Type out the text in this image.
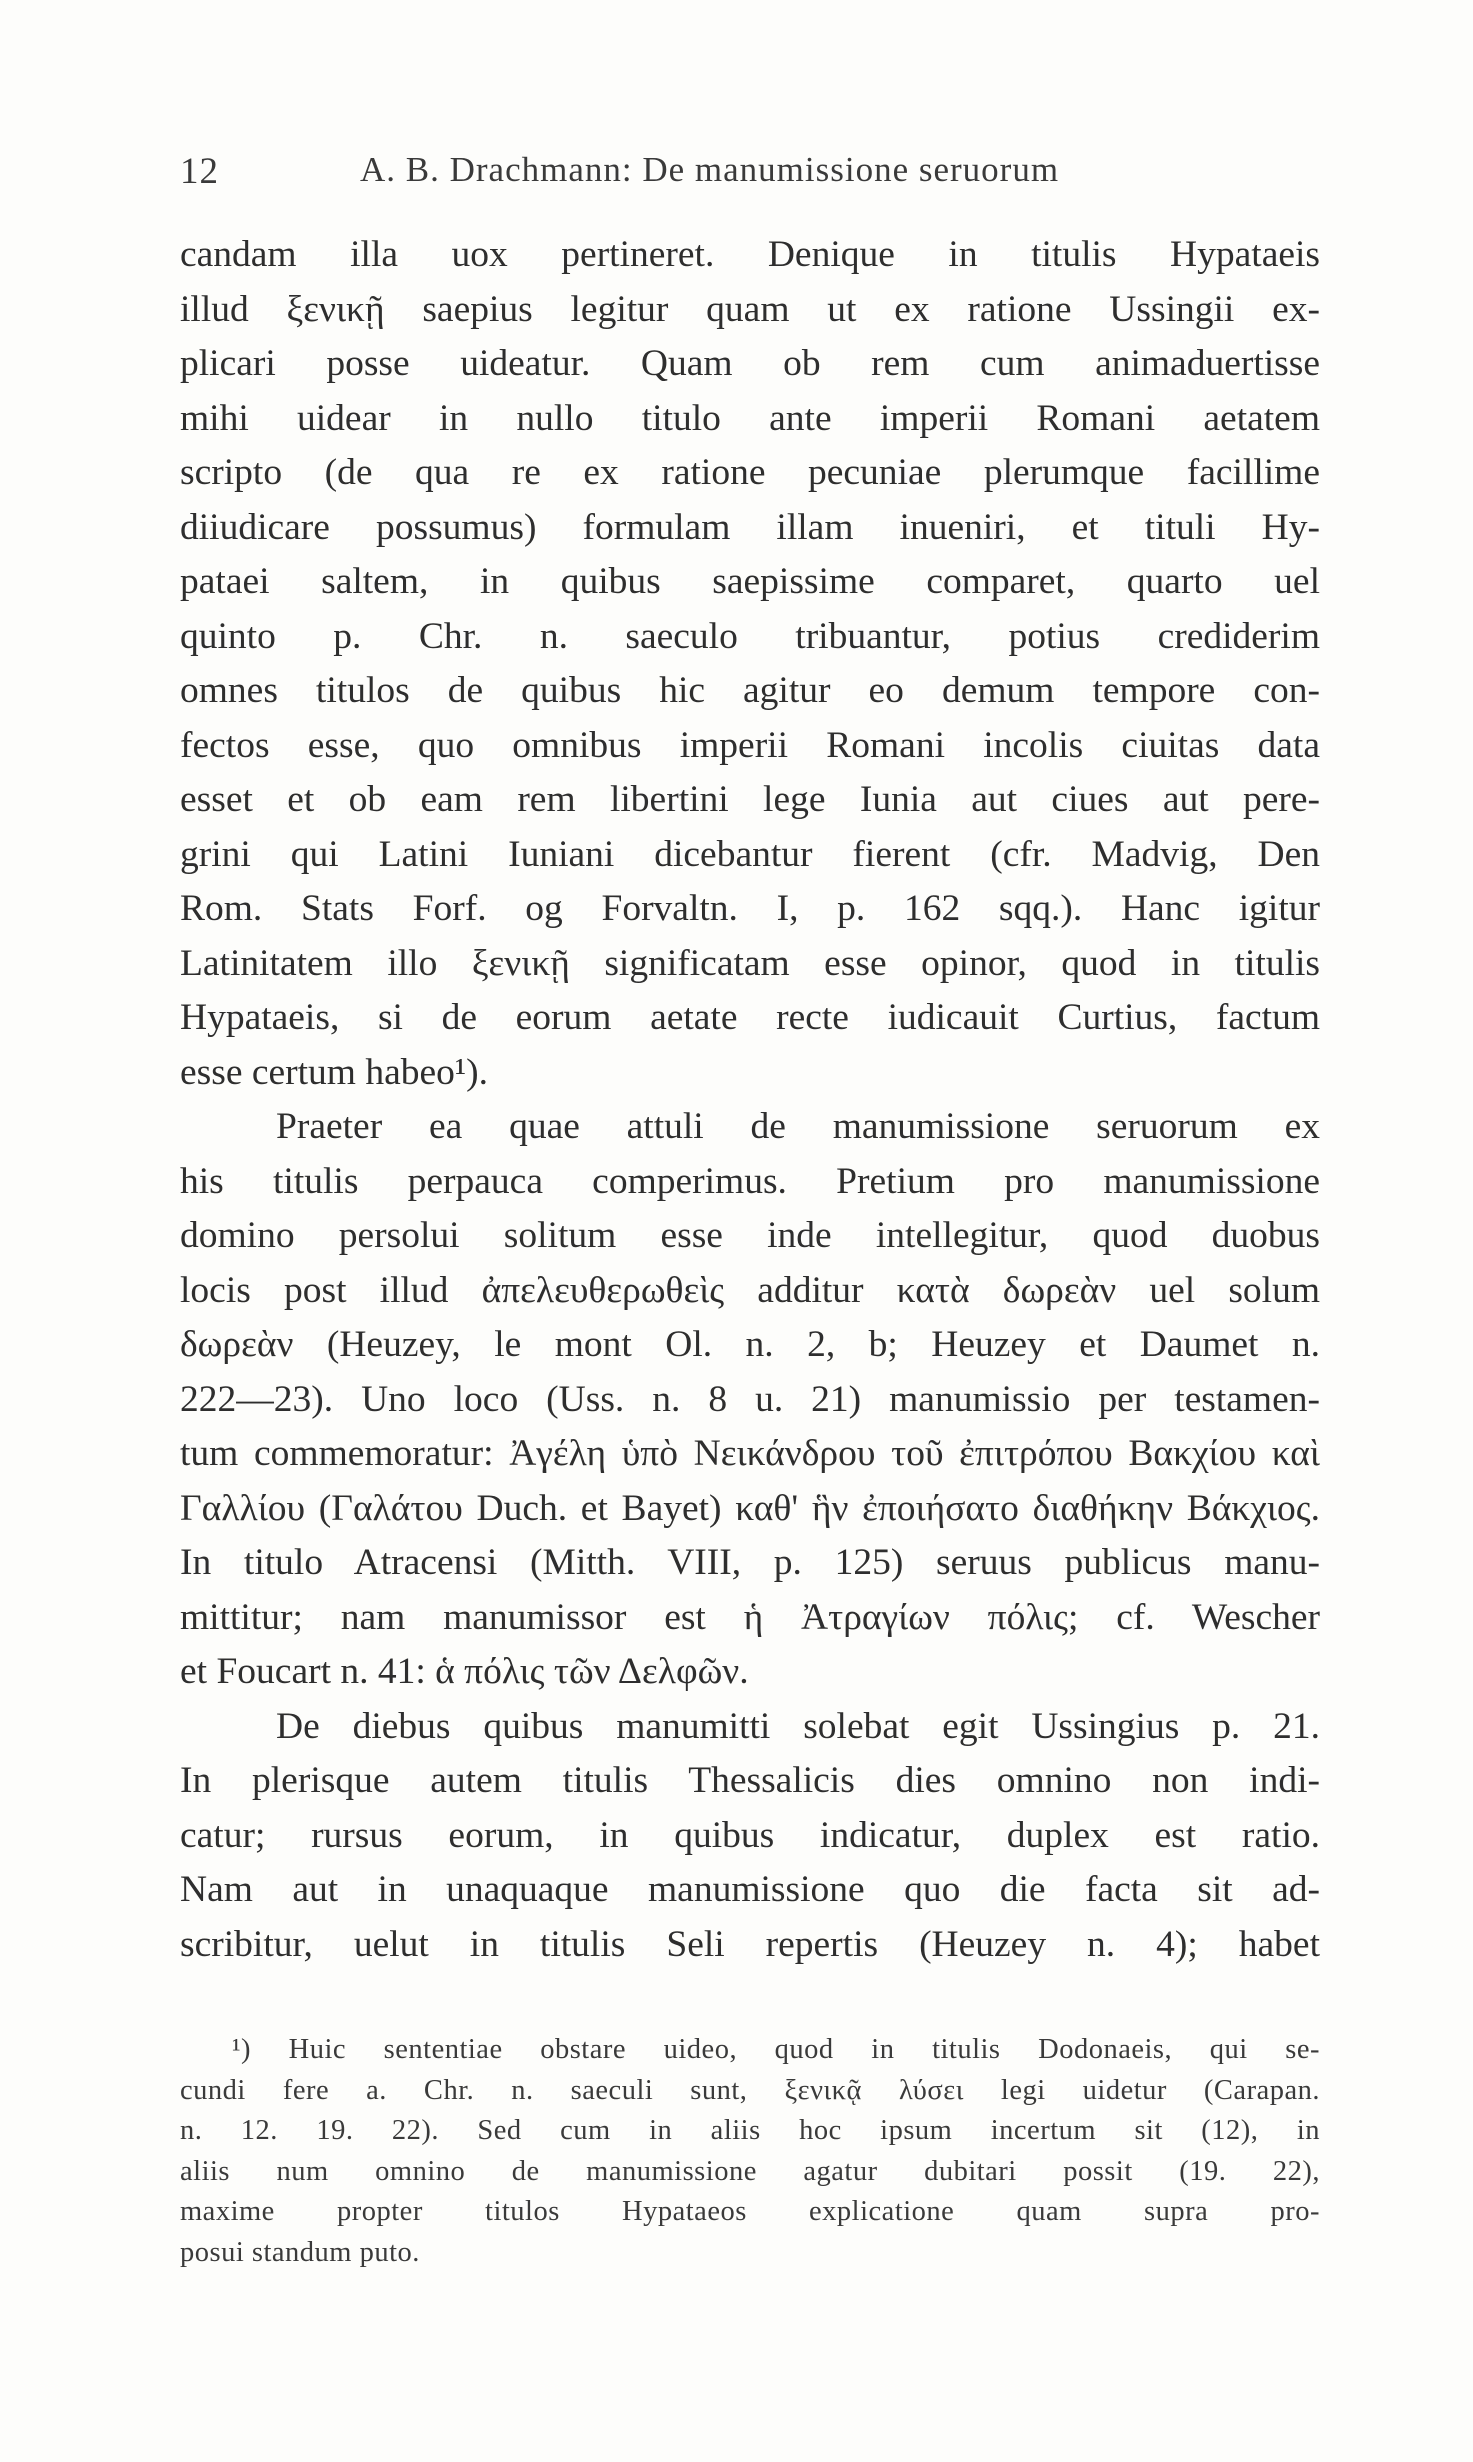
12	A. B. Drachmann: De manumissione seruorum

candam illa uox pertineret. Denique in titulis Hypataeis

illud ξενικῇ saepius legitur quam ut ex ratione Ussingii ex-

plicari posse uideatur. Quam ob rem cum animaduertisse

mihi uidear in nullo titulo ante imperii Romani aetatem

scripto (de qua re ex ratione pecuniae plerumque facillime

diiudicare possumus) formulam illam inueniri, et tituli Hy-

pataei saltem, in quibus saepissime comparet, quarto uel

quinto p. Chr. n. saeculo tribuantur, potius crediderim

omnes titulos de quibus hic agitur eo demum tempore con-

fectos esse, quo omnibus imperii Romani incolis ciuitas data

esset et ob eam rem libertini lege Iunia aut ciues aut pere-

grini qui Latini Iuniani dicebantur fierent (cfr. Madvig, Den

Rom. Stats Forf. og Forvaltn. I, p. 162 sqq.). Hanc igitur

Latinitatem illo ξενικῇ significatam esse opinor, quod in titulis

Hypataeis, si de eorum aetate recte iudicauit Curtius, factum

esse certum habeo¹).

Praeter ea quae attuli de manumissione seruorum ex

his titulis perpauca comperimus. Pretium pro manumissione

domino persolui solitum esse inde intellegitur, quod duobus

locis post illud ἀπελευθερωθεὶς additur κατὰ δωρεὰν uel solum

δωρεὰν (Heuzey, le mont Ol. n. 2, b; Heuzey et Daumet n.

222—23). Uno loco (Uss. n. 8 u. 21) manumissio per testamen-

tum commemoratur: Ἀγέλη ὑπὸ Νεικάνδρου τοῦ ἐπιτρόπου Βακχίου καὶ

Γαλλίου (Γαλάτου Duch. et Bayet) καθ' ἣν ἐποιήσατο διαθήκην Βάκχιος.

In titulo Atracensi (Mitth. VIII, p. 125) seruus publicus manu-

mittitur; nam manumissor est ἡ Ἀτραγίων πόλις; cf. Wescher

et Foucart n. 41: ἁ πόλις τῶν Δελφῶν.

De diebus quibus manumitti solebat egit Ussingius p. 21.

In plerisque autem titulis Thessalicis dies omnino non indi-

catur; rursus eorum, in quibus indicatur, duplex est ratio.

Nam aut in unaquaque manumissione quo die facta sit ad-

scribitur, uelut in titulis Seli repertis (Heuzey n. 4); habet

¹) Huic sententiae obstare uideo, quod in titulis Dodonaeis, qui se-

cundi fere a. Chr. n. saeculi sunt, ξενικᾷ λύσει legi uidetur (Carapan.

n. 12. 19. 22). Sed cum in aliis hoc ipsum incertum sit (12), in

aliis num omnino de manumissione agatur dubitari possit (19. 22),

maxime propter titulos Hypataeos explicatione quam supra pro-

posui standum puto.
